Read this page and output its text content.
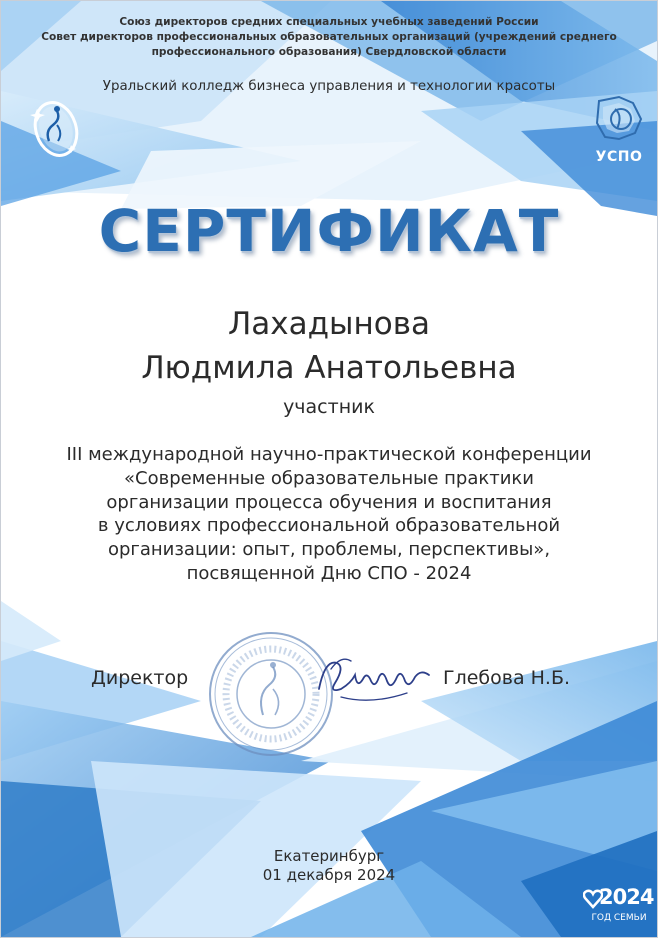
Союз директоров средних специальных учебных заведений России
Совет директоров профессиональных образовательных организаций (учреждений среднего
профессионального образования) Свердловской области
Уральский колледж бизнеса управления и технологии красоты
УСПО
СЕРТИФИКАТ
Лахадынова
Людмила Анатольевна
участник
III международной научно-практической конференции
«Современные образовательные практики
организации процесса обучения и воспитания
в условиях профессиональной образовательной
организации: опыт, проблемы, перспективы»,
посвященной Дню СПО - 2024
Директор	Глебова Н.Б.
Екатеринбург
01 декабря 2024
2024
ГОД СЕМЬИ
